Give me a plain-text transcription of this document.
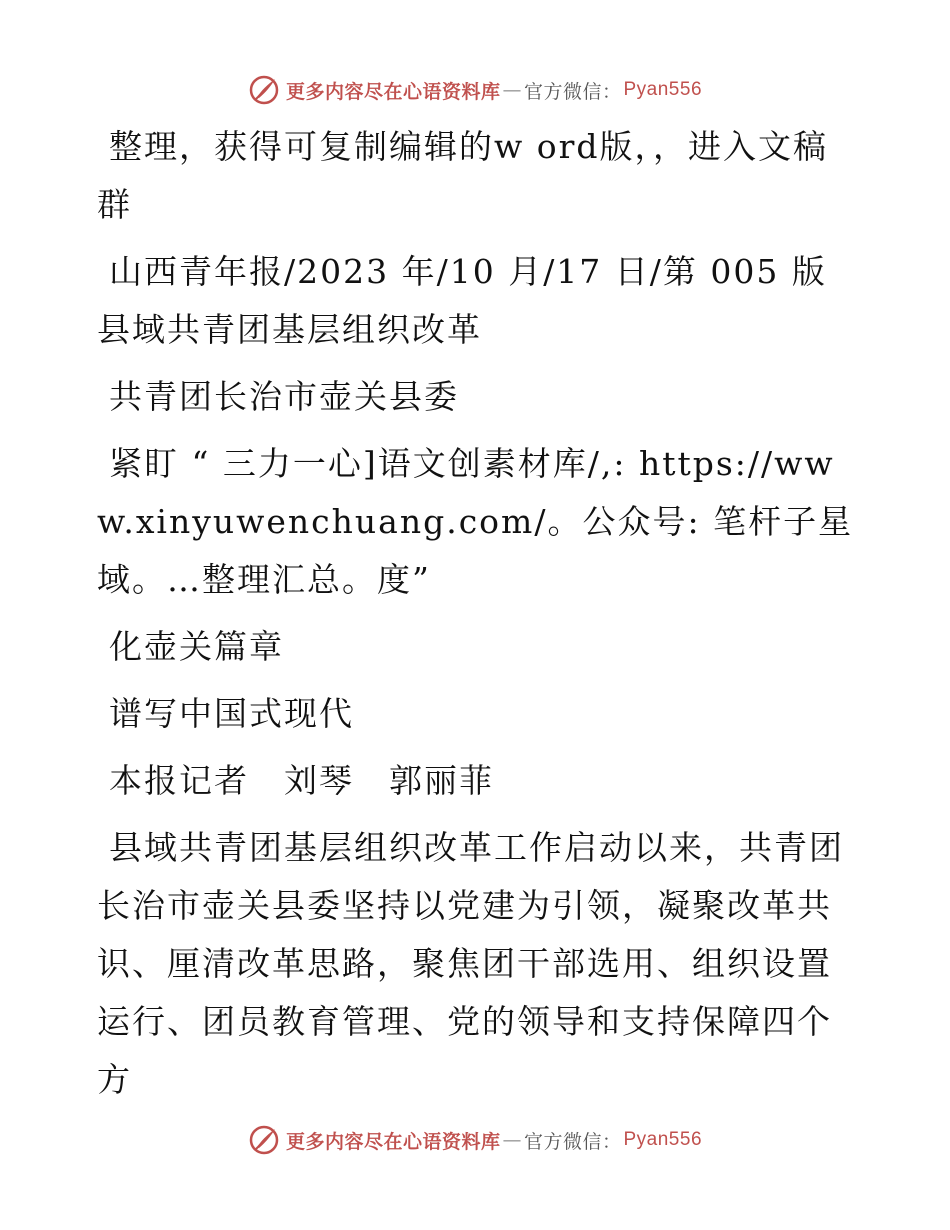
更多内容尽在心语资料库 — 官方微信： Pyan556

整理，获得可复制编辑的w ord版，，进入文稿群

山西青年报/2023 年/10 月/17 日/第 005 版县域共青团基层组织改革

共青团长治市壶关县委

紧盯 “ 三力一心]语文创素材库/,: https://www.xinyuwenchuang.com/。公众号: 笔杆子星域。…整理汇总。度”

化壶关篇章

谱写中国式现代

本报记者　刘琴　郭丽菲

县域共青团基层组织改革工作启动以来，共青团长治市壶关县委坚持以党建为引领，凝聚改革共识、厘清改革思路，聚焦团干部选用、组织设置运行、团员教育管理、党的领导和支持保障四个方

更多内容尽在心语资料库 — 官方微信： Pyan556
